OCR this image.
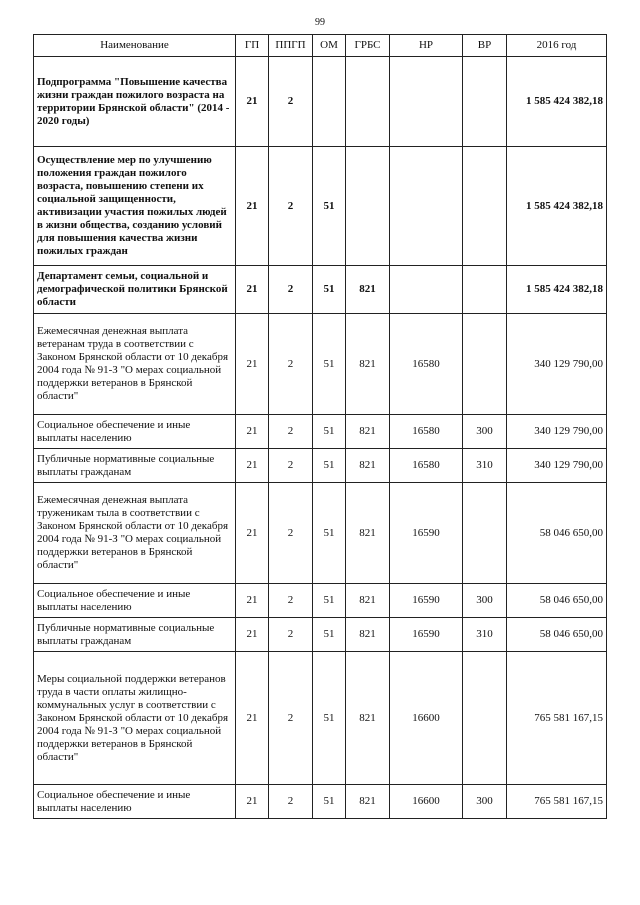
99
Наименование	ГП	ППГП	ОМ	ГРБС	НР	ВР	2016 год
Подпрограмма "Повышение качества жизни граждан пожилого возраста на территории Брянской области" (2014 - 2020 годы)	21	2					1 585 424 382,18
Осуществление мер по улучшению положения граждан пожилого возраста, повышению степени их социальной защищенности, активизации участия пожилых людей в жизни общества, созданию условий для повышения качества жизни пожилых граждан	21	2	51				1 585 424 382,18
Департамент семьи, социальной и демографической политики Брянской области	21	2	51	821			1 585 424 382,18
Ежемесячная денежная выплата ветеранам труда в соответствии с Законом Брянской области от 10 декабря 2004 года № 91-З "О мерах социальной поддержки ветеранов в Брянской области"	21	2	51	821	16580		340 129 790,00
Социальное обеспечение и иные выплаты населению	21	2	51	821	16580	300	340 129 790,00
Публичные нормативные социальные выплаты гражданам	21	2	51	821	16580	310	340 129 790,00
Ежемесячная денежная выплата труженикам тыла в соответствии с Законом Брянской области от 10 декабря 2004 года № 91-З "О мерах социальной поддержки ветеранов в Брянской области"	21	2	51	821	16590		58 046 650,00
Социальное обеспечение и иные выплаты населению	21	2	51	821	16590	300	58 046 650,00
Публичные нормативные социальные выплаты гражданам	21	2	51	821	16590	310	58 046 650,00
Меры социальной поддержки ветеранов труда в части оплаты жилищно-коммунальных услуг в соответствии с Законом Брянской области от 10 декабря 2004 года № 91-З "О мерах социальной поддержки ветеранов в Брянской области"	21	2	51	821	16600		765 581 167,15
Социальное обеспечение и иные выплаты населению	21	2	51	821	16600	300	765 581 167,15
